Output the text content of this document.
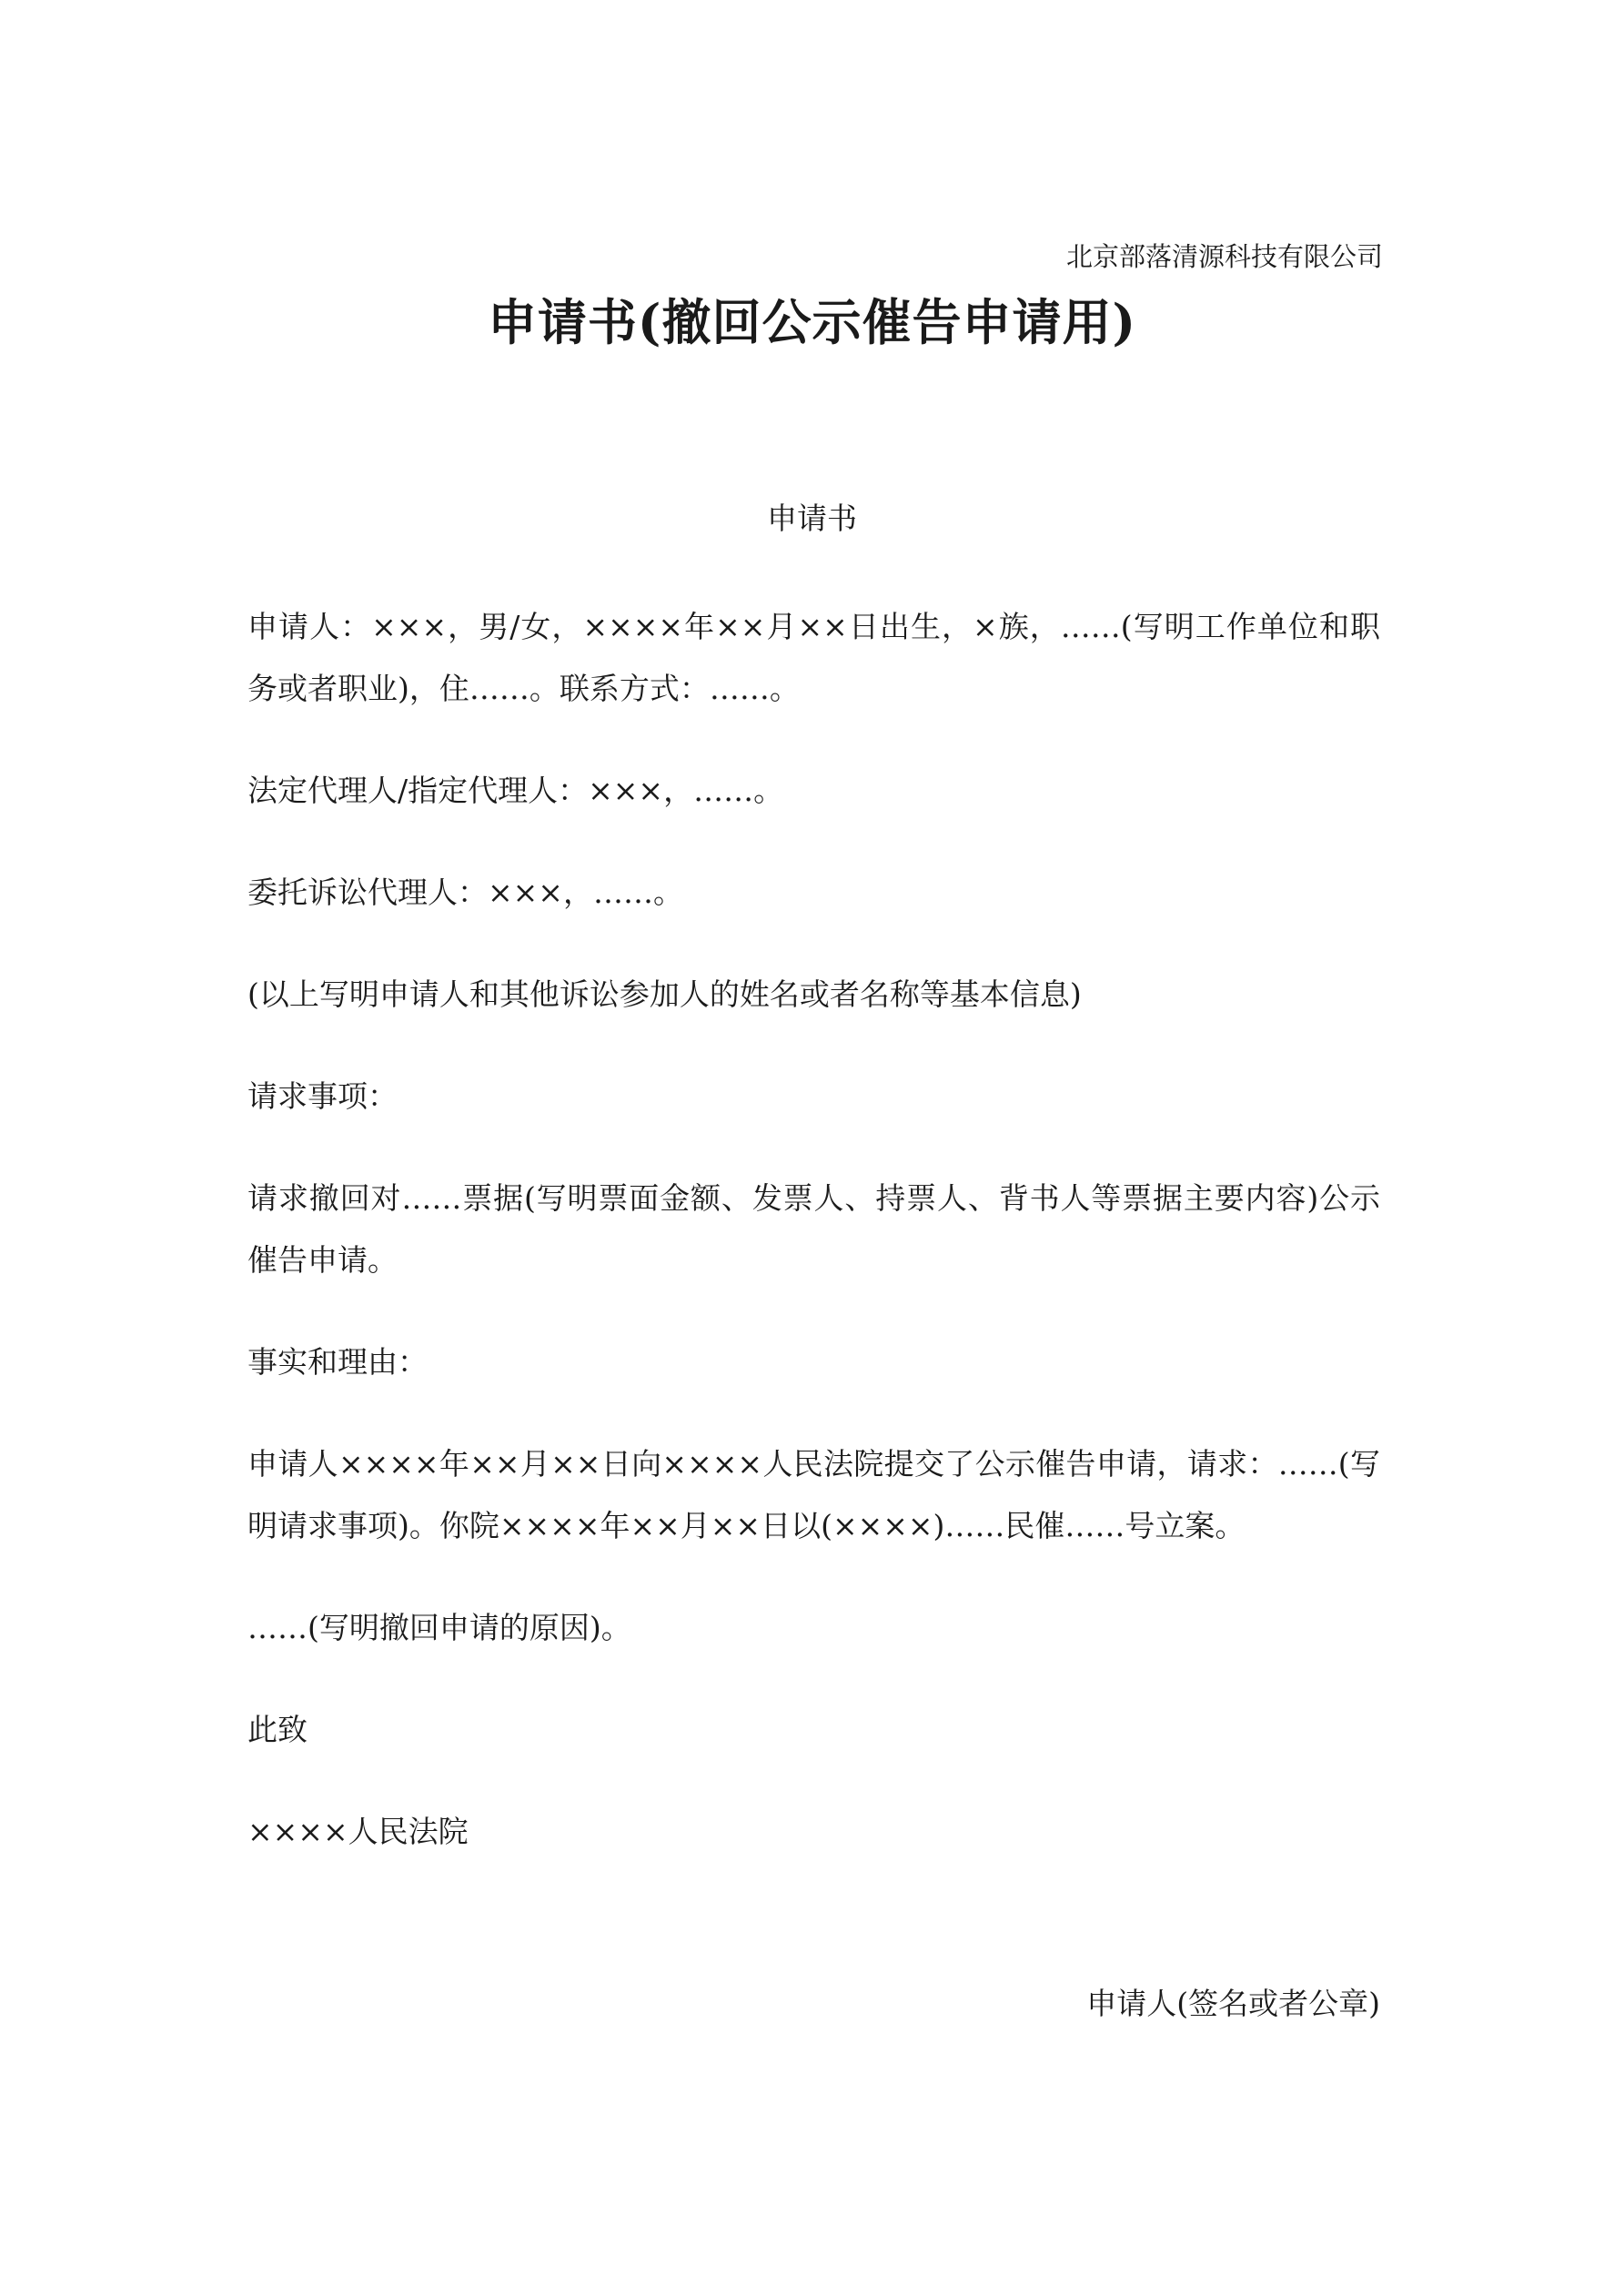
北京部落清源科技有限公司
申请书(撤回公示催告申请用)
申请书

申请人：×××，男/女，××××年××月××日出生，×族，……(写明工作单位和职务或者职业)，住……。联系方式：……。

法定代理人/指定代理人：×××，……。

委托诉讼代理人：×××，……。

(以上写明申请人和其他诉讼参加人的姓名或者名称等基本信息)

请求事项：

请求撤回对……票据(写明票面金额、发票人、持票人、背书人等票据主要内容)公示催告申请。

事实和理由：

申请人××××年××月××日向××××人民法院提交了公示催告申请，请求：……(写明请求事项)。你院××××年××月××日以(××××)……民催……号立案。

……(写明撤回申请的原因)。

此致

××××人民法院

申请人(签名或者公章)
